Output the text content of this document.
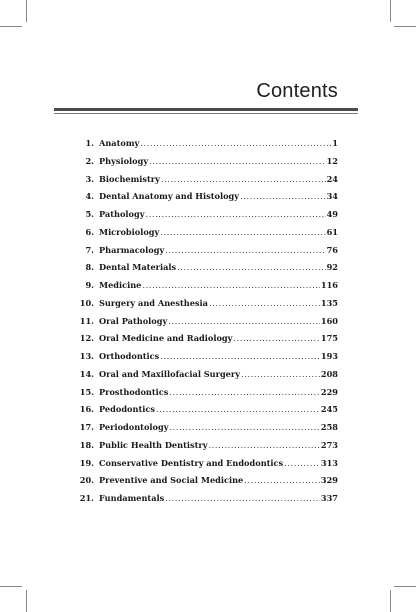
Contents
1. Anatomy .....	1
2. Physiology .....	12
3. Biochemistry .....	24
4. Dental Anatomy and Histology .....	34
5. Pathology .....	49
6. Microbiology .....	61
7. Pharmacology .....	76
8. Dental Materials .....	92
9. Medicine .....	116
10. Surgery and Anesthesia .....	135
11. Oral Pathology .....	160
12. Oral Medicine and Radiology .....	175
13. Orthodontics .....	193
14. Oral and Maxillofacial Surgery .....	208
15. Prosthodontics .....	229
16. Pedodontics .....	245
17. Periodontology .....	258
18. Public Health Dentistry .....	273
19. Conservative Dentistry and Endodontics .....	313
20. Preventive and Social Medicine .....	329
21. Fundamentals .....	337
